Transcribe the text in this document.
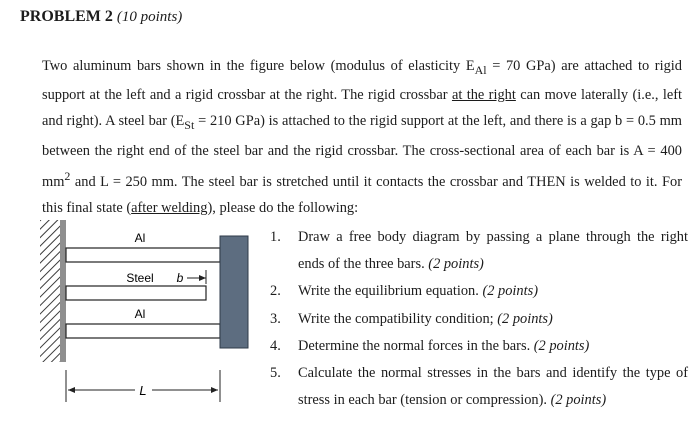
PROBLEM 2 (10 points)

Two aluminum bars shown in the figure below (modulus of elasticity $E_{Al} = 70$ GPa) are attached to rigid support at the left and a rigid crossbar at the right. The rigid crossbar at the right can move laterally (i.e., left and right). A steel bar ($E_{St} = 210$ GPa) is attached to the rigid support at the left, and there is a gap b = 0.5 mm between the right end of the steel bar and the rigid crossbar. The cross-sectional area of each bar is A = 400 $mm^2$ and L = 250 mm. The steel bar is stretched until it contacts the crossbar and THEN is welded to it. For this final state (after welding), please do the following:

Al
Steel b
Al
L
1. Draw a free body diagram by passing a plane through the right ends of the three bars. (2 points)
2. Write the equilibrium equation. (2 points)
3. Write the compatibility condition; (2 points)
4. Determine the normal forces in the bars. (2 points)
5. Calculate the normal stresses in the bars and identify the type of stress in each bar (tension or compression). (2 points)
